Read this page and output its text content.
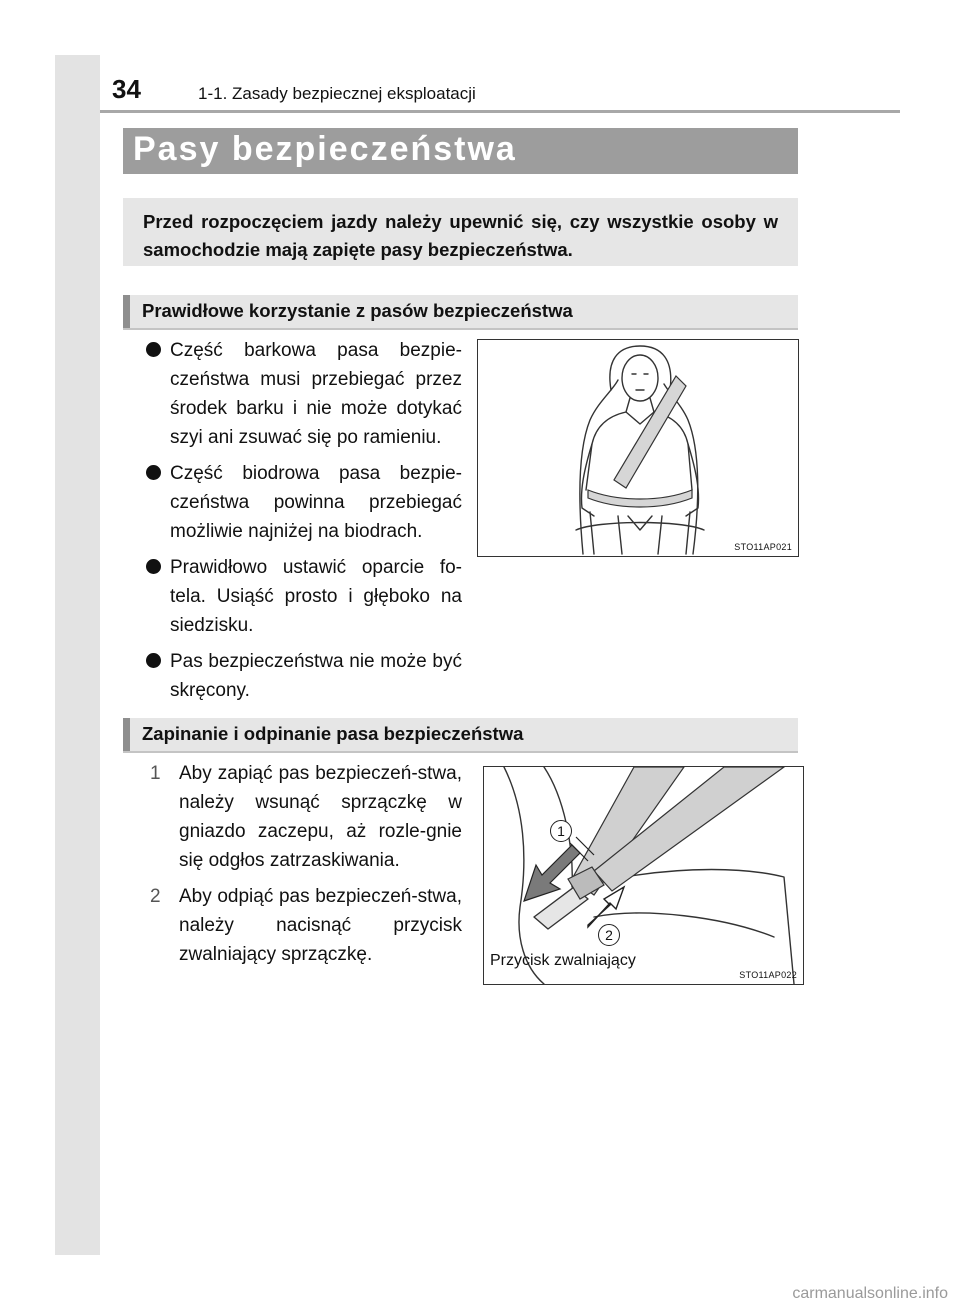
34	1-1. Zasady bezpiecznej eksploatacji
Pasy bezpieczeństwa

Przed rozpoczęciem jazdy należy upewnić się, czy wszystkie osoby w samochodzie mają zapięte pasy bezpieczeństwa.

Prawidłowe korzystanie z pasów bezpieczeństwa
Część barkowa pasa bezpie-czeństwa musi przebiegać przez środek barku i nie może dotykać szyi ani zsuwać się po ramieniu.
Część biodrowa pasa bezpie-czeństwa powinna przebiegać możliwie najniżej na biodrach.
Prawidłowo ustawić oparcie fo-tela. Usiąść prosto i głęboko na siedzisku.
Pas bezpieczeństwa nie może być skręcony.
STO11AP021
Zapinanie i odpinanie pasa bezpieczeństwa
1 Aby zapiąć pas bezpieczeń-stwa, należy wsunąć sprzączkę w gniazdo zaczepu, aż rozle-gnie się odgłos zatrzaskiwania.
2 Aby odpiąć pas bezpieczeń-stwa, należy nacisnąć przycisk zwalniający sprzączkę.
1
2
Przycisk zwalniający
STO11AP022
carmanualsonline.info
